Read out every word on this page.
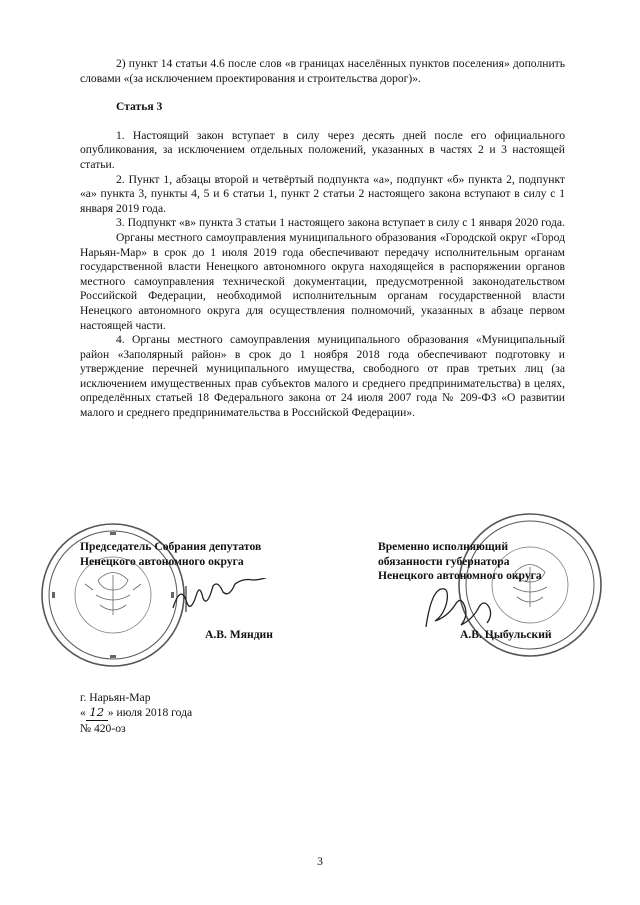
2) пункт 14 статьи 4.6 после слов «в границах населённых пунктов поселения» дополнить словами «(за исключением проектирования и строительства дорог)».

Статья 3

1. Настоящий закон вступает в силу через десять дней после его официального опубликования, за исключением отдельных положений, указанных в частях 2 и 3 настоящей статьи.

2. Пункт 1, абзацы второй и четвёртый подпункта «а», подпункт «б» пункта 2, подпункт «а» пункта 3, пункты 4, 5 и 6 статьи 1, пункт 2 статьи 2 настоящего закона вступают в силу с 1 января 2019 года.

3. Подпункт «в» пункта 3 статьи 1 настоящего закона вступает в силу с 1 января 2020 года.

Органы местного самоуправления муниципального образования «Городской округ «Город Нарьян-Мар» в срок до 1 июля 2019 года обеспечивают передачу исполнительным органам государственной власти Ненецкого автономного округа находящейся в распоряжении органов местного самоуправления технической документации, предусмотренной законодательством Российской Федерации, необходимой исполнительным органам государственной власти Ненецкого автономного округа для осуществления полномочий, указанных в абзаце первом настоящей части.

4. Органы местного самоуправления муниципального образования «Муниципальный район «Заполярный район» в срок до 1 ноября 2018 года обеспечивают подготовку и утверждение перечней муниципального имущества, свободного от прав третьих лиц (за исключением имущественных прав субъектов малого и среднего предпринимательства) в целях, определённых статьей 18 Федерального закона от 24 июля 2007 года № 209-ФЗ «О развитии малого и среднего предпринимательства в Российской Федерации».

Председатель Собрания депутатов
Ненецкого автономного округа
А.В. Мяндин
Временно исполняющий
обязанности губернатора
Ненецкого автономного округа
А.В. Цыбульский
г. Нарьян-Мар
« 12 » июля 2018 года
№ 420-оз
3
